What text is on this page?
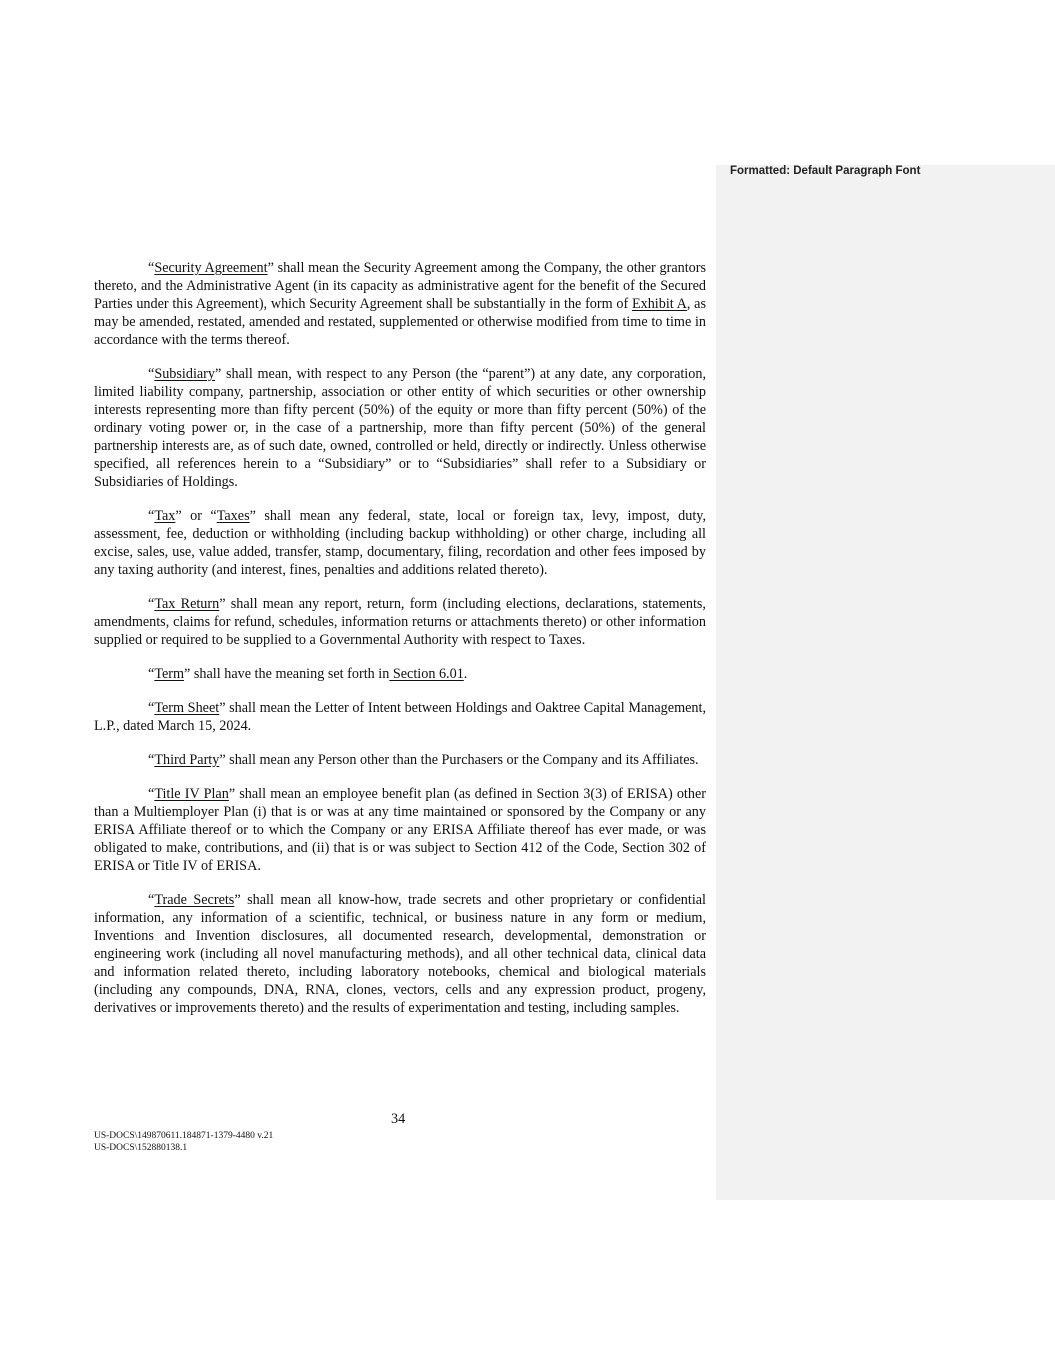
Formatted: Default Paragraph Font

“Security Agreement” shall mean the Security Agreement among the Company, the other grantors thereto, and the Administrative Agent (in its capacity as administrative agent for the benefit of the Secured Parties under this Agreement), which Security Agreement shall be substantially in the form of Exhibit A, as may be amended, restated, amended and restated, supplemented or otherwise modified from time to time in accordance with the terms thereof.

“Subsidiary” shall mean, with respect to any Person (the “parent”) at any date, any corporation, limited liability company, partnership, association or other entity of which securities or other ownership interests representing more than fifty percent (50%) of the equity or more than fifty percent (50%) of the ordinary voting power or, in the case of a partnership, more than fifty percent (50%) of the general partnership interests are, as of such date, owned, controlled or held, directly or indirectly. Unless otherwise specified, all references herein to a “Subsidiary” or to “Subsidiaries” shall refer to a Subsidiary or Subsidiaries of Holdings.

“Tax” or “Taxes” shall mean any federal, state, local or foreign tax, levy, impost, duty, assessment, fee, deduction or withholding (including backup withholding) or other charge, including all excise, sales, use, value added, transfer, stamp, documentary, filing, recordation and other fees imposed by any taxing authority (and interest, fines, penalties and additions related thereto).

“Tax Return” shall mean any report, return, form (including elections, declarations, statements, amendments, claims for refund, schedules, information returns or attachments thereto) or other information supplied or required to be supplied to a Governmental Authority with respect to Taxes.

“Term” shall have the meaning set forth in Section 6.01.

“Term Sheet” shall mean the Letter of Intent between Holdings and Oaktree Capital Management, L.P., dated March 15, 2024.

“Third Party” shall mean any Person other than the Purchasers or the Company and its Affiliates.

“Title IV Plan” shall mean an employee benefit plan (as defined in Section 3(3) of ERISA) other than a Multiemployer Plan (i) that is or was at any time maintained or sponsored by the Company or any ERISA Affiliate thereof or to which the Company or any ERISA Affiliate thereof has ever made, or was obligated to make, contributions, and (ii) that is or was subject to Section 412 of the Code, Section 302 of ERISA or Title IV of ERISA.

“Trade Secrets” shall mean all know-how, trade secrets and other proprietary or confidential information, any information of a scientific, technical, or business nature in any form or medium, Inventions and Invention disclosures, all documented research, developmental, demonstration or engineering work (including all novel manufacturing methods), and all other technical data, clinical data and information related thereto, including laboratory notebooks, chemical and biological materials (including any compounds, DNA, RNA, clones, vectors, cells and any expression product, progeny, derivatives or improvements thereto) and the results of experimentation and testing, including samples.

34
US-DOCS\149870611.184871-1379-4480 v.21
US-DOCS\152880138.1
